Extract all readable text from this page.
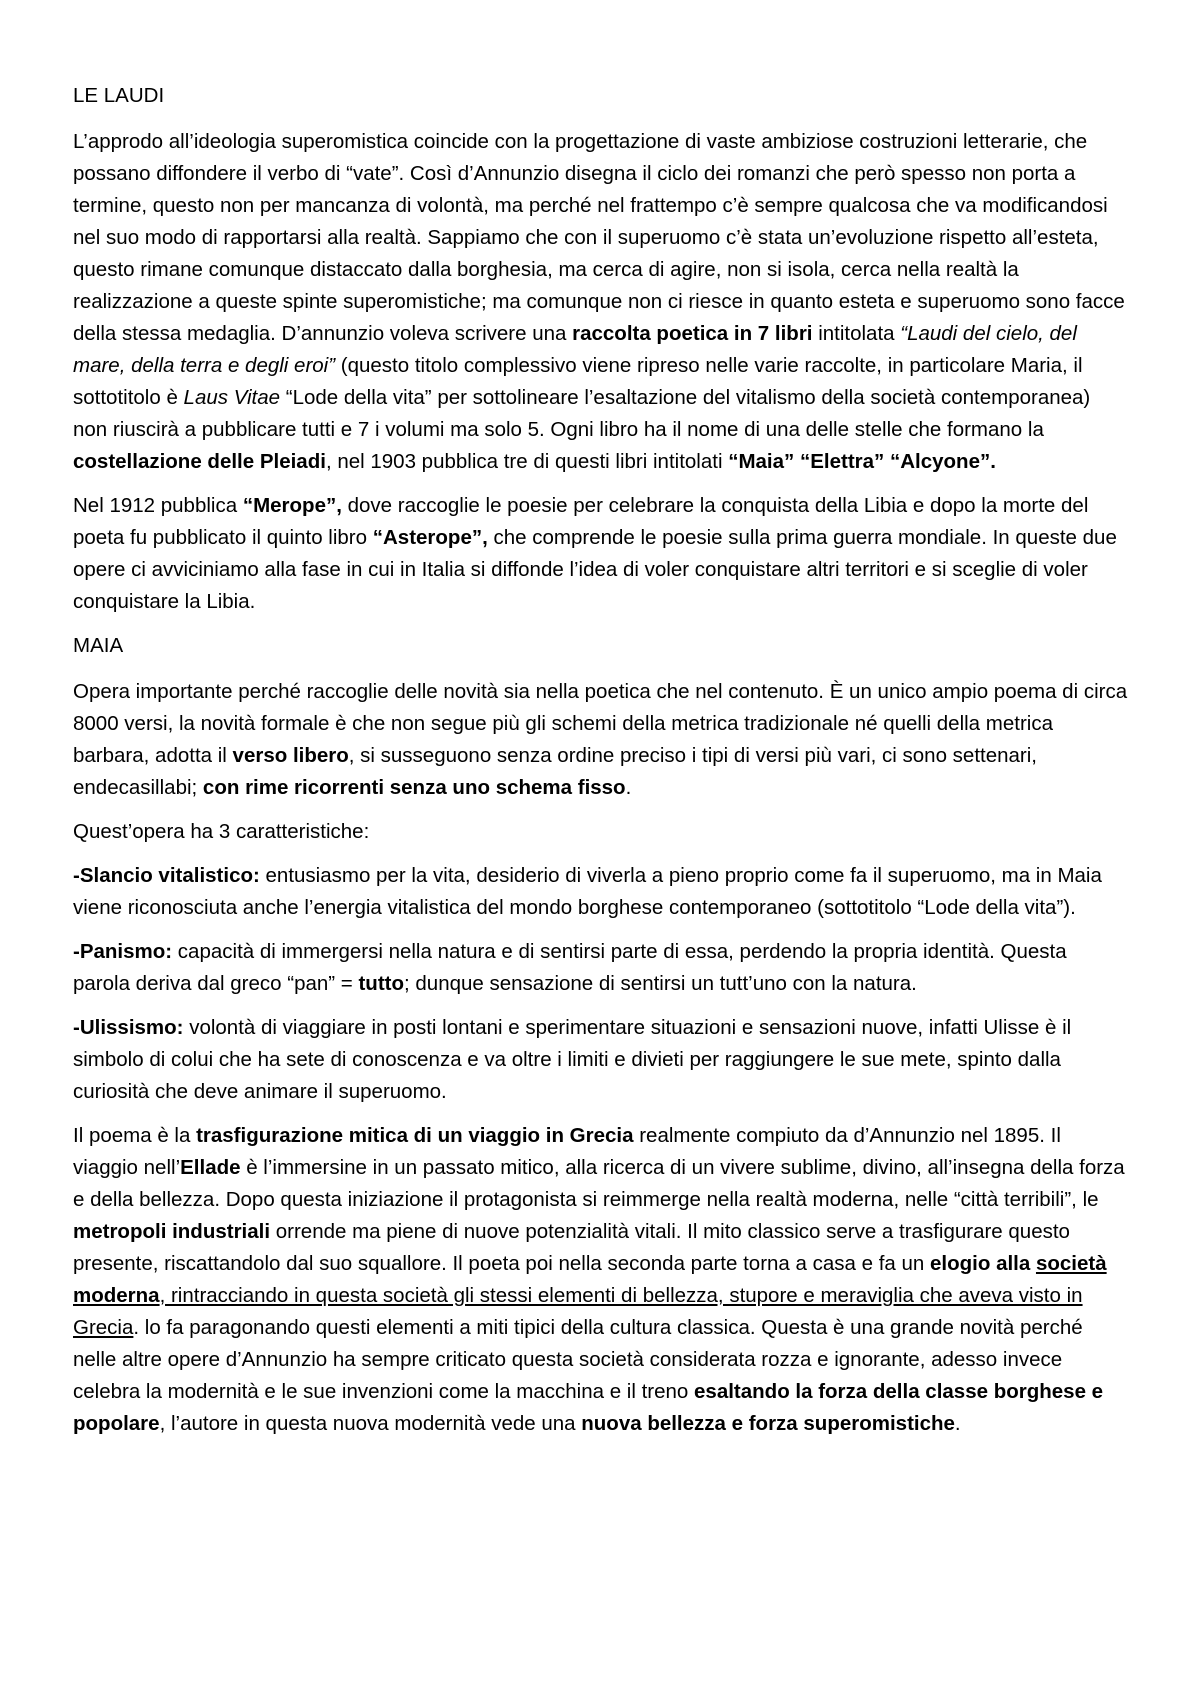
LE LAUDI

L’approdo all’ideologia superomistica coincide con la progettazione di vaste ambiziose costruzioni letterarie, che possano diffondere il verbo di “vate”. Così d’Annunzio disegna il ciclo dei romanzi che però spesso non porta a termine, questo non per mancanza di volontà, ma perché nel frattempo c’è sempre qualcosa che va modificandosi nel suo modo di rapportarsi alla realtà. Sappiamo che con il superuomo c’è stata un’evoluzione rispetto all’esteta, questo rimane comunque distaccato dalla borghesia, ma cerca di agire, non si isola, cerca nella realtà la realizzazione a queste spinte superomistiche; ma comunque non ci riesce in quanto esteta e superuomo sono facce della stessa medaglia. D’annunzio voleva scrivere una raccolta poetica in 7 libri intitolata “Laudi del cielo, del mare, della terra e degli eroi” (questo titolo complessivo viene ripreso nelle varie raccolte, in particolare Maria, il sottotitolo è Laus Vitae “Lode della vita” per sottolineare l’esaltazione del vitalismo della società contemporanea) non riuscirà a pubblicare tutti e 7 i volumi ma solo 5. Ogni libro ha il nome di una delle stelle che formano la costellazione delle Pleiadi, nel 1903 pubblica tre di questi libri intitolati “Maia” “Elettra” “Alcyone”.

Nel 1912 pubblica “Merope”, dove raccoglie le poesie per celebrare la conquista della Libia e dopo la morte del poeta fu pubblicato il quinto libro “Asterope”, che comprende le poesie sulla prima guerra mondiale. In queste due opere ci avviciniamo alla fase in cui in Italia si diffonde l’idea di voler conquistare altri territori e si sceglie di voler conquistare la Libia.

MAIA

Opera importante perché raccoglie delle novità sia nella poetica che nel contenuto. È un unico ampio poema di circa 8000 versi, la novità formale è che non segue più gli schemi della metrica tradizionale né quelli della metrica barbara, adotta il verso libero, si susseguono senza ordine preciso i tipi di versi più vari, ci sono settenari, endecasillabi; con rime ricorrenti senza uno schema fisso.

Quest’opera ha 3 caratteristiche:

-Slancio vitalistico: entusiasmo per la vita, desiderio di viverla a pieno proprio come fa il superuomo, ma in Maia viene riconosciuta anche l’energia vitalistica del mondo borghese contemporaneo (sottotitolo “Lode della vita”).

-Panismo: capacità di immergersi nella natura e di sentirsi parte di essa, perdendo la propria identità. Questa parola deriva dal greco “pan” = tutto; dunque sensazione di sentirsi un tutt’uno con la natura.

-Ulissismo: volontà di viaggiare in posti lontani e sperimentare situazioni e sensazioni nuove, infatti Ulisse è il simbolo di colui che ha sete di conoscenza e va oltre i limiti e divieti per raggiungere le sue mete, spinto dalla curiosità che deve animare il superuomo.

Il poema è la trasfigurazione mitica di un viaggio in Grecia realmente compiuto da d’Annunzio nel 1895. Il viaggio nell’Ellade è l’immersine in un passato mitico, alla ricerca di un vivere sublime, divino, all’insegna della forza e della bellezza. Dopo questa iniziazione il protagonista si reimmerge nella realtà moderna, nelle “città terribili”, le metropoli industriali orrende ma piene di nuove potenzialità vitali. Il mito classico serve a trasfigurare questo presente, riscattandolo dal suo squallore. Il poeta poi nella seconda parte torna a casa e fa un elogio alla società moderna, rintracciando in questa società gli stessi elementi di bellezza, stupore e meraviglia che aveva visto in Grecia. lo fa paragonando questi elementi a miti tipici della cultura classica. Questa è una grande novità perché nelle altre opere d’Annunzio ha sempre criticato questa società considerata rozza e ignorante, adesso invece celebra la modernità e le sue invenzioni come la macchina e il treno esaltando la forza della classe borghese e popolare, l’autore in questa nuova modernità vede una nuova bellezza e forza superomistiche.
